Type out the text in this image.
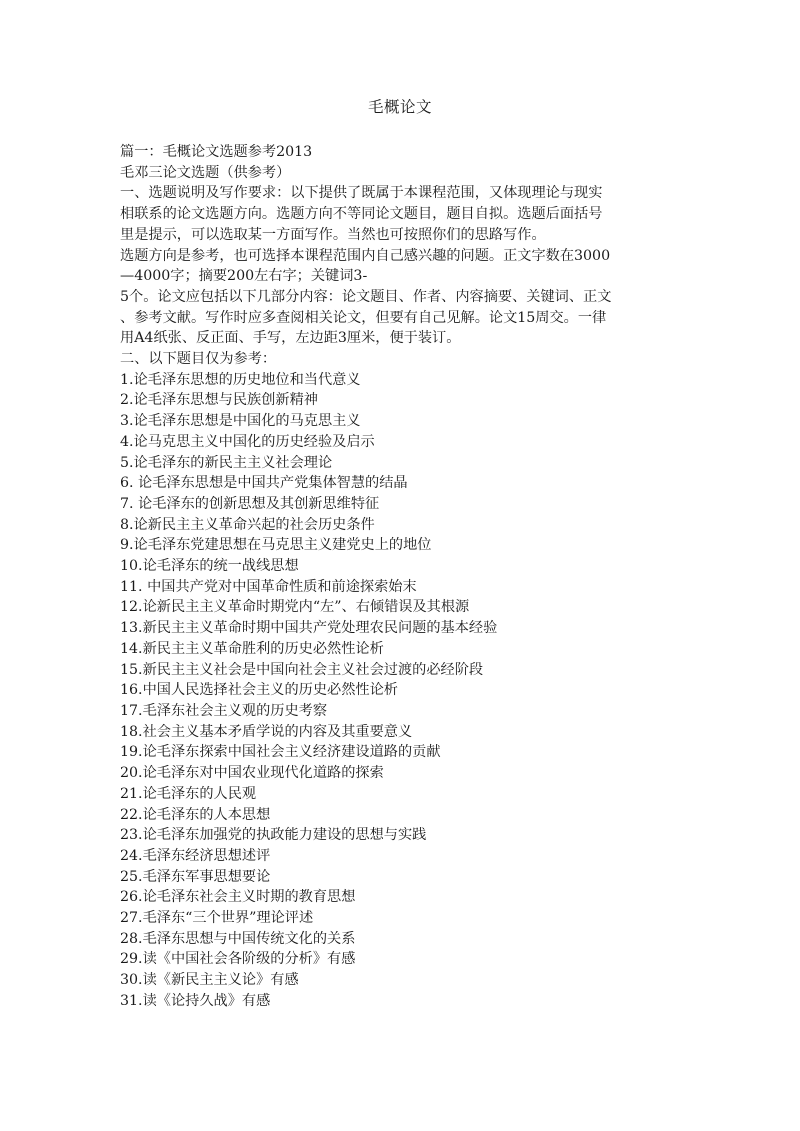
毛概论文

篇一：毛概论文选题参考2013

毛邓三论文选题（供参考）

一、选题说明及写作要求：以下提供了既属于本课程范围，又体现理论与现实

相联系的论文选题方向。选题方向不等同论文题目，题目自拟。选题后面括号

里是提示，可以选取某一方面写作。当然也可按照你们的思路写作。

选题方向是参考，也可选择本课程范围内自己感兴趣的问题。正文字数在3000

—4000字；摘要200左右字；关键词3-

5个。论文应包括以下几部分内容：论文题目、作者、内容摘要、关键词、正文

、参考文献。写作时应多查阅相关论文，但要有自己见解。论文15周交。一律

用A4纸张、反正面、手写，左边距3厘米，便于装订。

二、以下题目仅为参考：

1.论毛泽东思想的历史地位和当代意义

2.论毛泽东思想与民族创新精神

3.论毛泽东思想是中国化的马克思主义

4.论马克思主义中国化的历史经验及启示

5.论毛泽东的新民主主义社会理论

6. 论毛泽东思想是中国共产党集体智慧的结晶

7. 论毛泽东的创新思想及其创新思维特征

8.论新民主主义革命兴起的社会历史条件

9.论毛泽东党建思想在马克思主义建党史上的地位

10.论毛泽东的统一战线思想

11. 中国共产党对中国革命性质和前途探索始末

12.论新民主主义革命时期党内“左”、右倾错误及其根源

13.新民主主义革命时期中国共产党处理农民问题的基本经验

14.新民主主义革命胜利的历史必然性论析

15.新民主主义社会是中国向社会主义社会过渡的必经阶段

16.中国人民选择社会主义的历史必然性论析

17.毛泽东社会主义观的历史考察

18.社会主义基本矛盾学说的内容及其重要意义

19.论毛泽东探索中国社会主义经济建设道路的贡献

20.论毛泽东对中国农业现代化道路的探索

21.论毛泽东的人民观

22.论毛泽东的人本思想

23.论毛泽东加强党的执政能力建设的思想与实践

24.毛泽东经济思想述评

25.毛泽东军事思想要论

26.论毛泽东社会主义时期的教育思想

27.毛泽东“三个世界”理论评述

28.毛泽东思想与中国传统文化的关系

29.读《中国社会各阶级的分析》有感

30.读《新民主主义论》有感

31.读《论持久战》有感
